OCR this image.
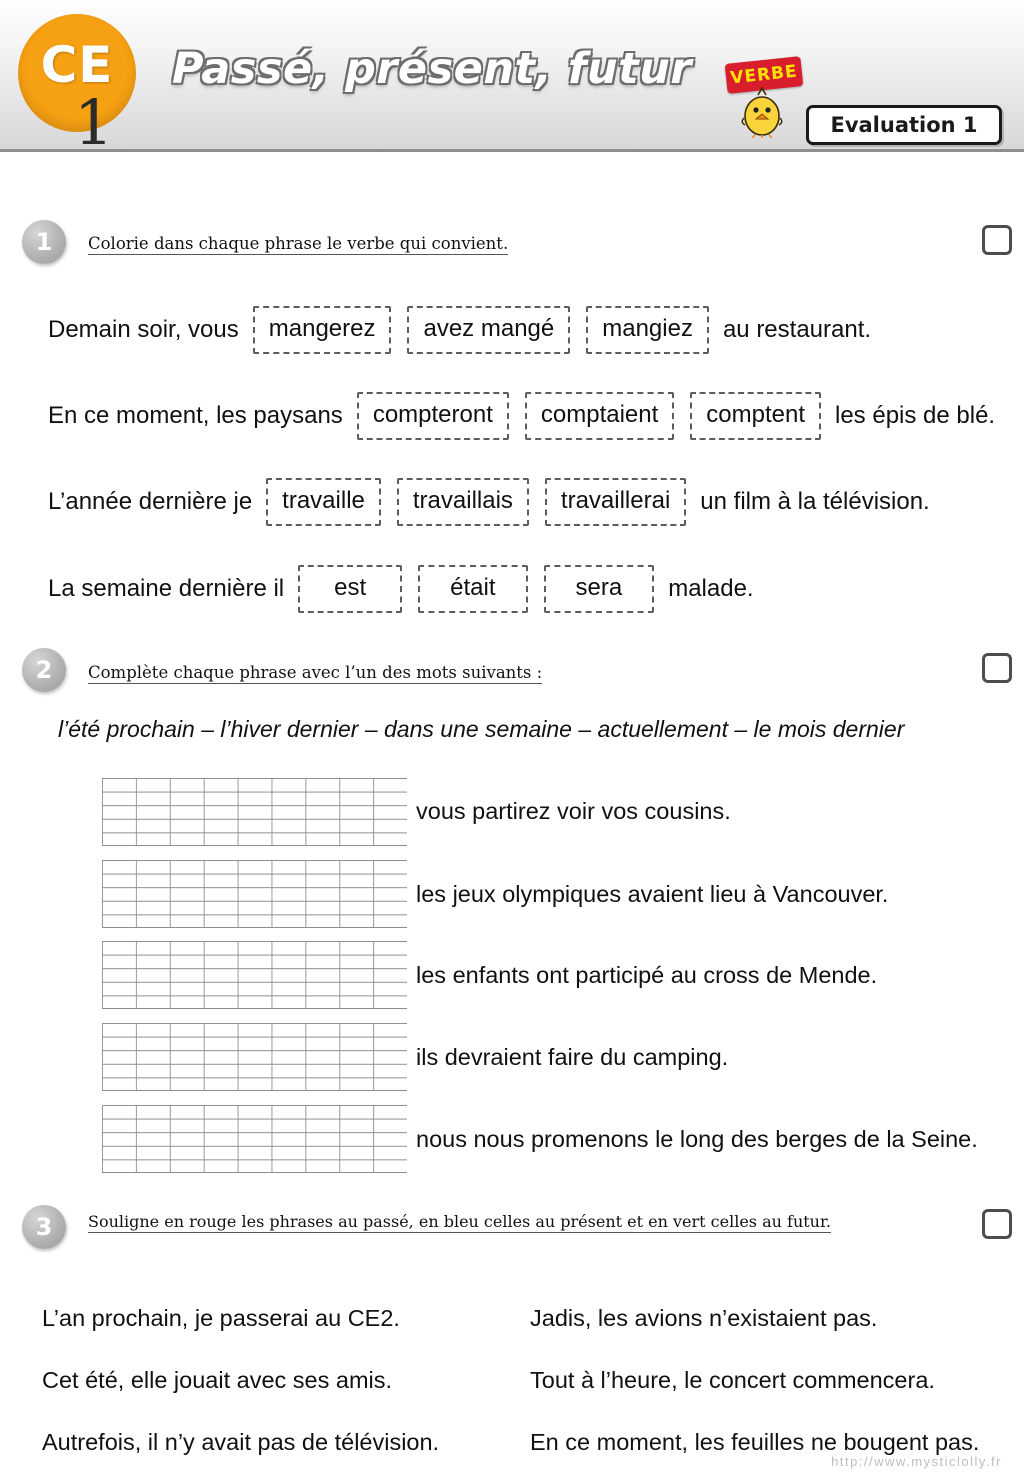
CE
1
Passé, présent, futur VERBE
Evaluation 1
1	Colorie dans chaque phrase le verbe qui convient.
Demain soir, vous	mangerez	avez mangé	mangiez	au restaurant.
En ce moment, les paysans	compteront	comptaient	comptent	les épis de blé.
L’année dernière je	travaille	travaillais	travaillerai	un film à la télévision.
La semaine dernière il	est	était	sera	malade.
2	Complète chaque phrase avec l’un des mots suivants :
l’été prochain – l’hiver dernier – dans une semaine – actuellement – le mois dernier
vous partirez voir vos cousins.
les jeux olympiques avaient lieu à Vancouver.
les enfants ont participé au cross de Mende.
ils devraient faire du camping.
nous nous promenons le long des berges de la Seine.
3	Souligne en rouge les phrases au passé, en bleu celles au présent et en vert celles au futur.
L’an prochain, je passerai au CE2.
Cet été, elle jouait avec ses amis.
Autrefois, il n’y avait pas de télévision.
Jadis, les avions n’existaient pas.
Tout à l’heure, le concert commencera.
En ce moment, les feuilles ne bougent pas.
http://www.mysticlolly.fr
